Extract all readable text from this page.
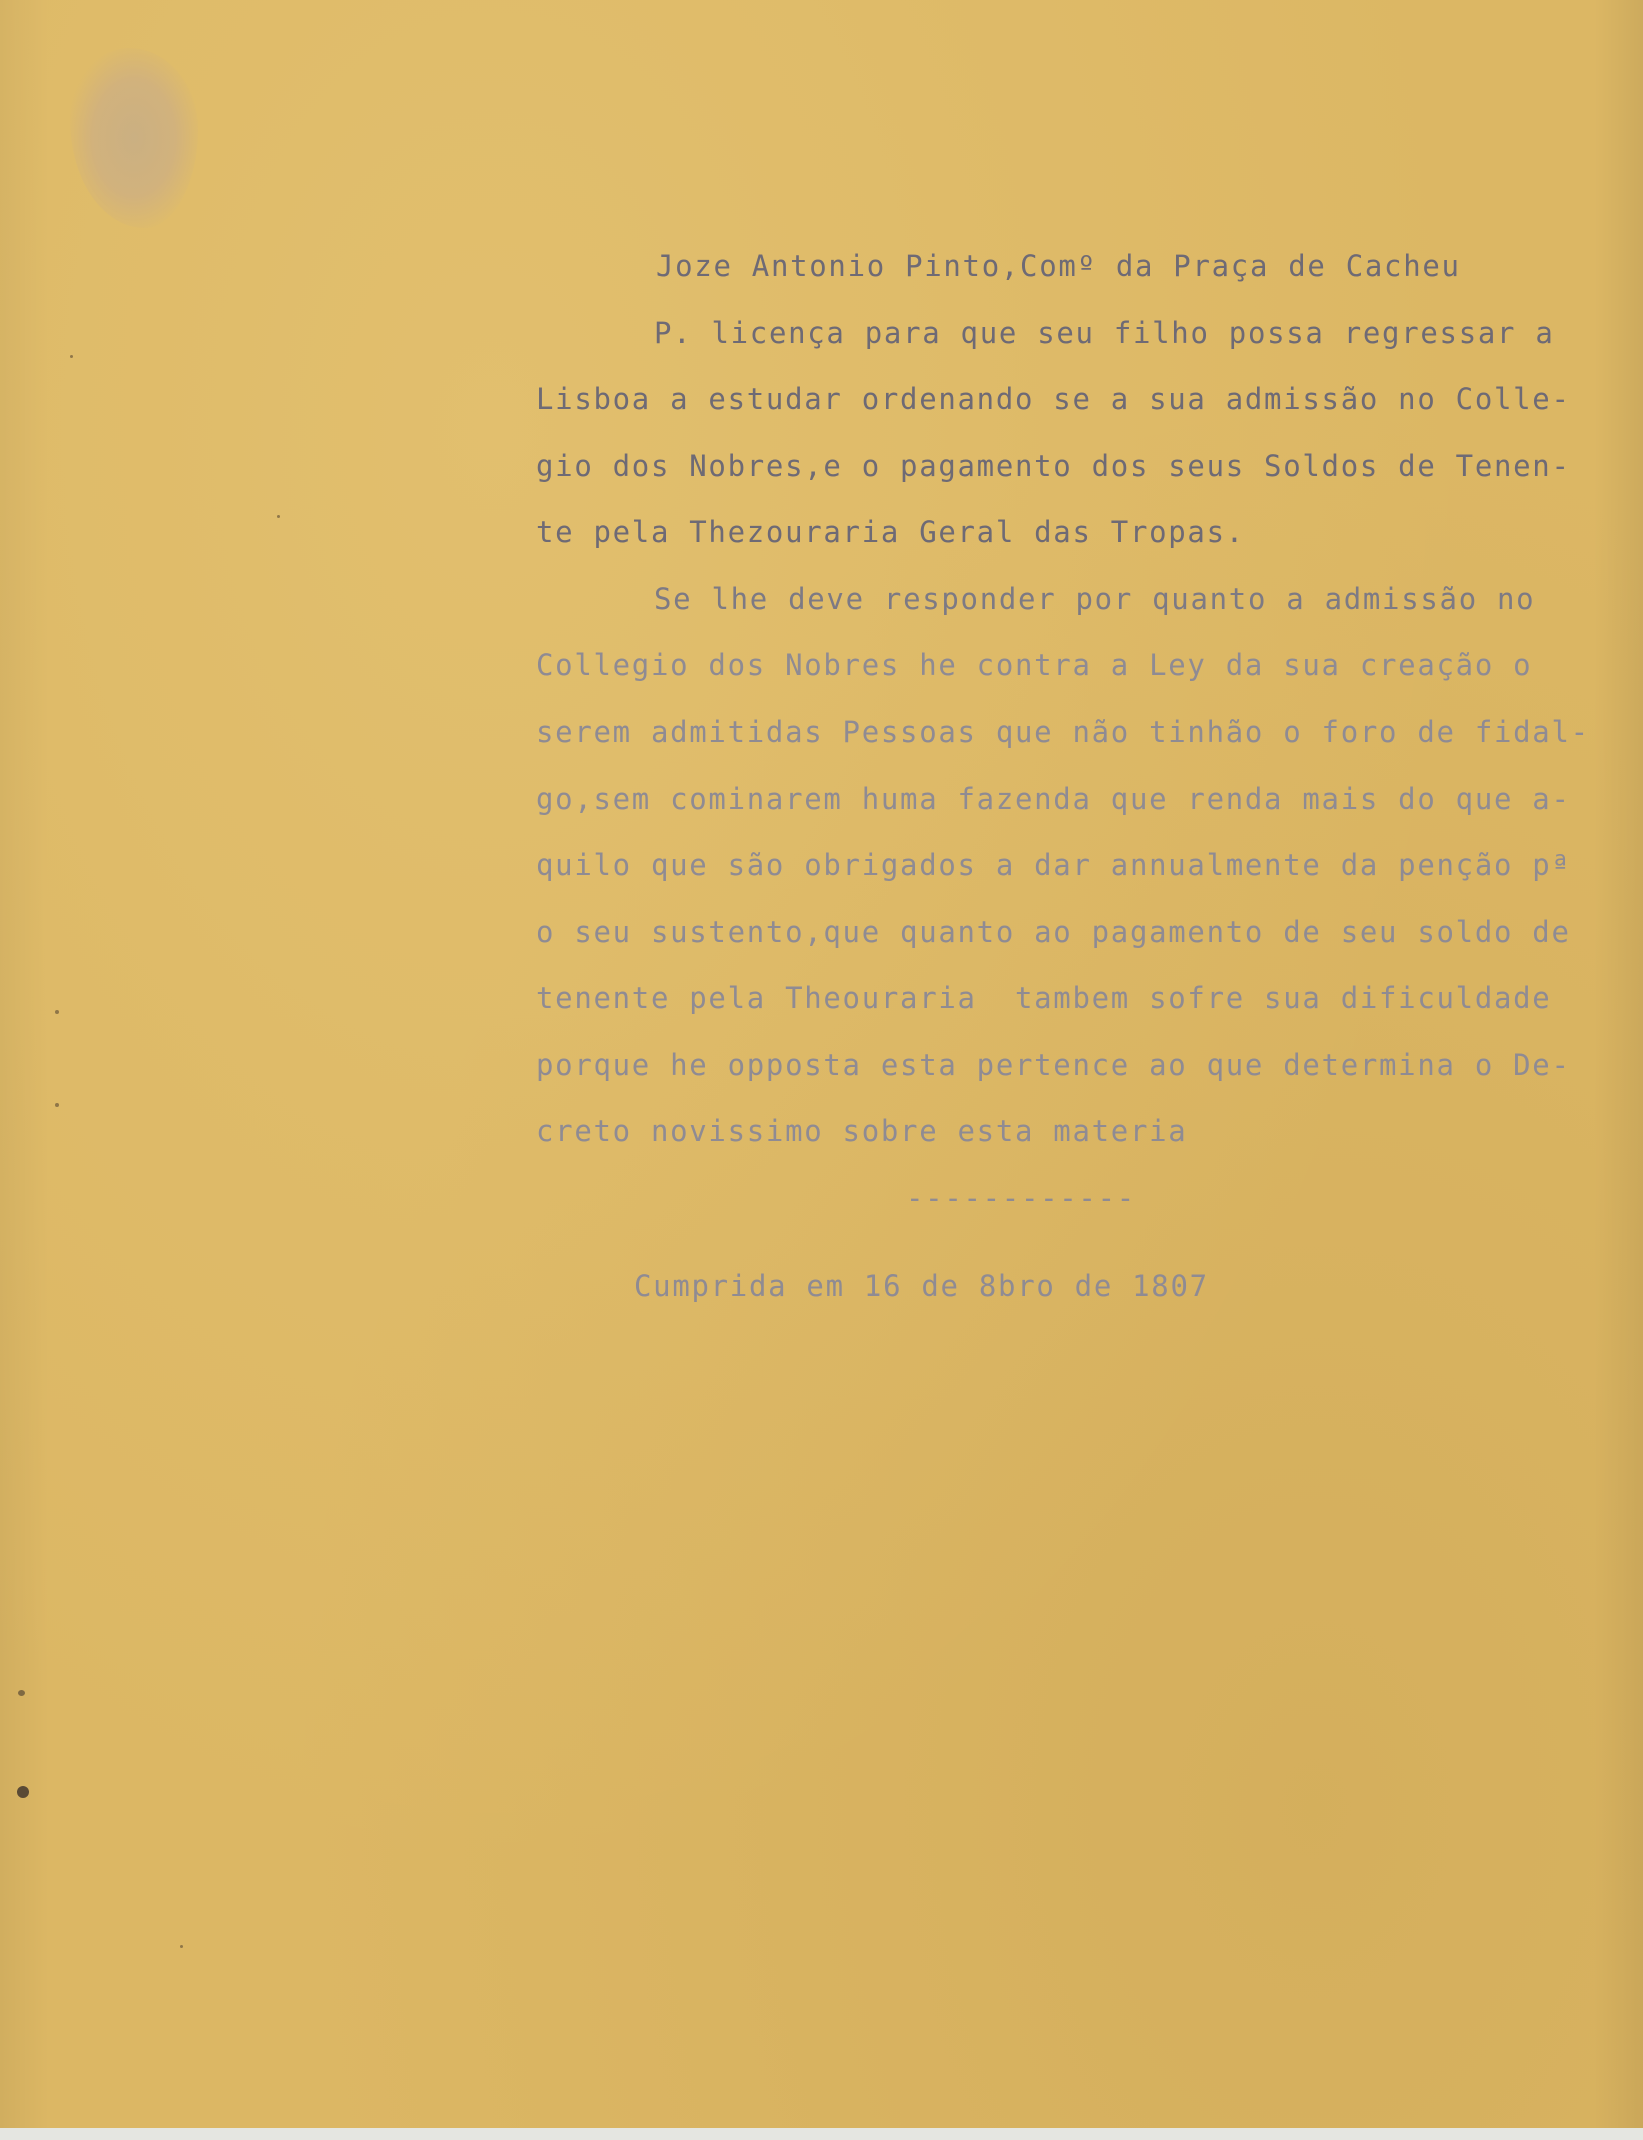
Joze Antonio Pinto,Comº da Praça de Cacheu

P. licença para que seu filho possa regressar a

Lisboa a estudar ordenando se a sua admissão no Colle-

gio dos Nobres,e o pagamento dos seus Soldos de Tenen-

te pela Thezouraria Geral das Tropas.

Se lhe deve responder por quanto a admissão no

Collegio dos Nobres he contra a Ley da sua creação o

serem admitidas Pessoas que não tinhão o foro de fidal-

go,sem cominarem huma fazenda que renda mais do que a-

quilo que são obrigados a dar annualmente da penção pª

o seu sustento,que quanto ao pagamento de seu soldo de

tenente pela Theouraria  tambem sofre sua dificuldade

porque he opposta esta pertence ao que determina o De-

creto novissimo sobre esta materia

------------

Cumprida em 16 de 8bro de 1807
